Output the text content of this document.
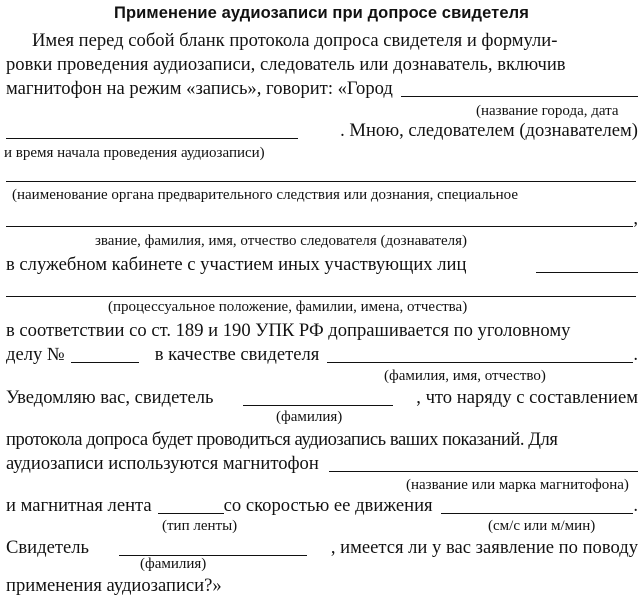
Применение аудиозаписи при допросе свидетеля
Имея перед собой бланк протокола допроса свидетеля и формули-
ровки проведения аудиозаписи, следователь или дознаватель, включив
магнитофон на режим «запись», говорит: «Город
(название города, дата
. Мною, следователем (дознавателем)
и время начала проведения аудиозаписи)
(наименование органа предварительного следствия или дознания, специальное
,
звание, фамилия, имя, отчество следователя (дознавателя)
в служебном кабинете с участием иных участвующих лиц
(процессуальное положение, фамилии, имена, отчества)
в соответствии со ст. 189 и 190 УПК РФ допрашивается по уголовному
делу №	в качестве свидетеля	.
(фамилия, имя, отчество)
Уведомляю вас, свидетель	, что наряду с составлением
(фамилия)
протокола допроса будет проводиться аудиозапись ваших показаний. Для
аудиозаписи используются магнитофон
(название или марка магнитофона)
и магнитная лента	со скоростью ее движения	.
(тип ленты)	(см/с или м/мин)
Свидетель	, имеется ли у вас заявление по поводу
(фамилия)
применения аудиозаписи?»
